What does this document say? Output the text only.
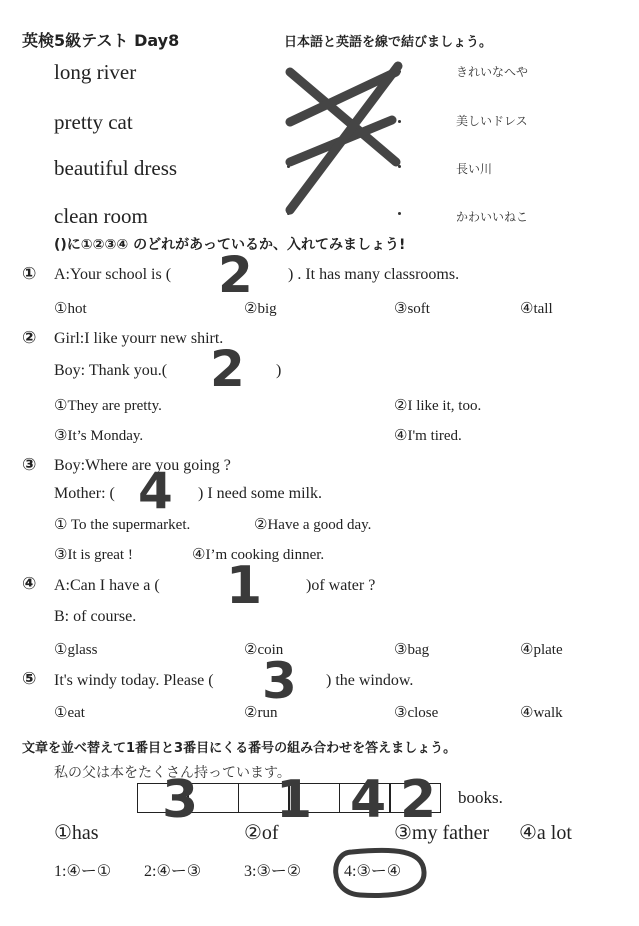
英検5級テスト Day8	日本語と英語を線で結びましょう。
long river
pretty cat
beautiful dress
clean room
きれいなへや
美しいドレス
長い川
かわいいねこ
()に①②③④ のどれがあっているか、入れてみましょう!
① A:Your school is (	) . It has many classrooms.
2
①hot	②big	③soft	④tall
② Girl:I like yourr new shirt.
Boy: Thank you.(	)
2
①They are pretty.	②I like it, too.
③It’s Monday.	④I'm tired.
③ Boy:Where are you going ?
Mother: (	) I need some milk.
4
① To the supermarket.	②Have a good day.
③It is great !	④I’m cooking dinner.
④ A:Can I have a (	)of water ?
B: of course.
1
①glass	②coin	③bag	④plate
⑤ It's windy today. Please (	) the window.
3
①eat	②run	③close	④walk
文章を並べ替えて1番目と3番目にくる番号の組み合わせを答えましょう。
私の父は本をたくさん持っています。
3 1 4 2 books.
①has	②of	③my father ④a lot
1:④ー① 2:④ー③	3:③ー②	4:③ー④
